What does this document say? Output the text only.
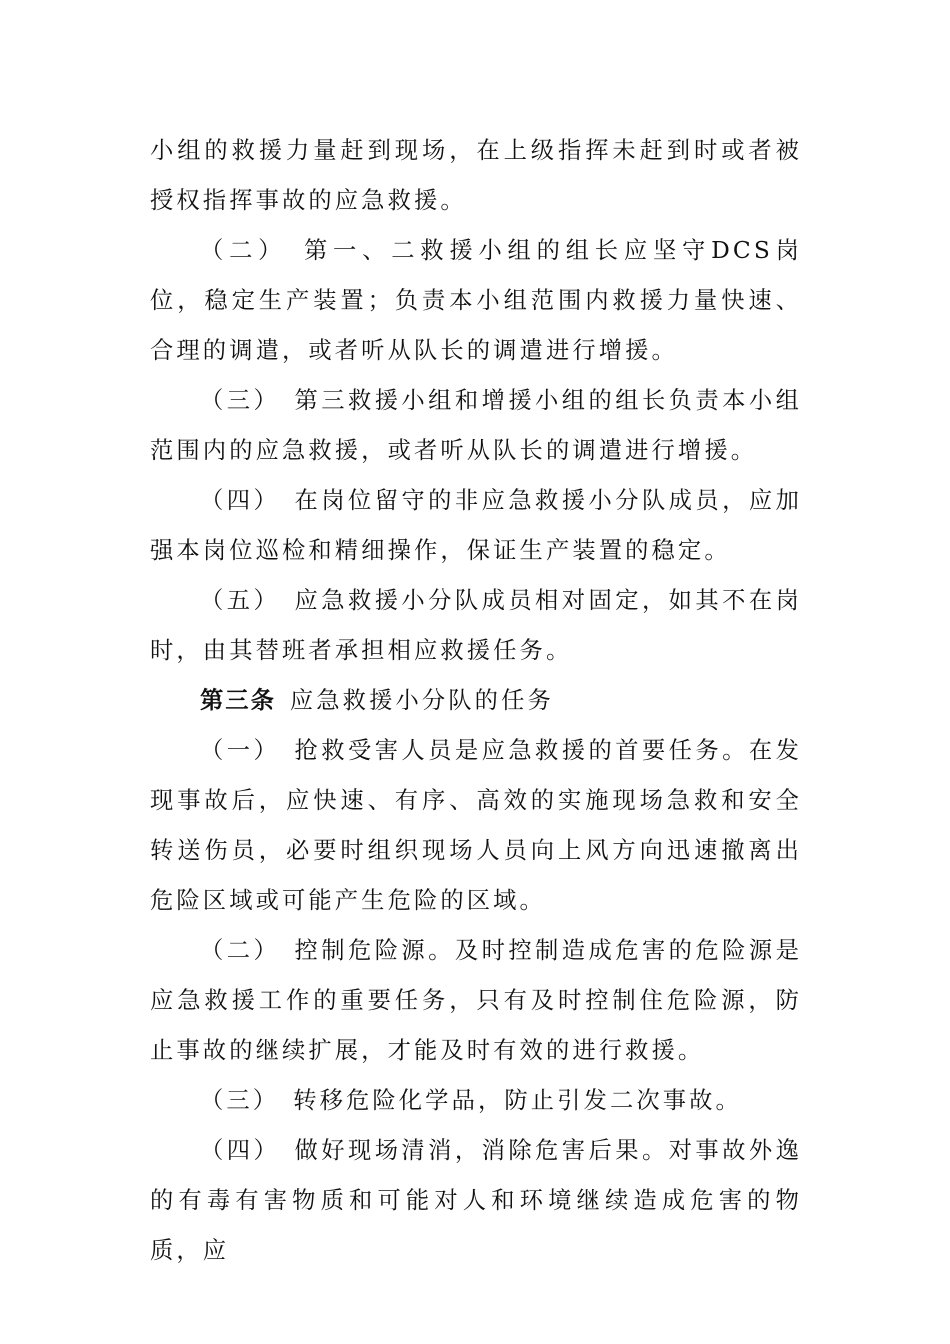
小组的救援力量赶到现场，在上级指挥未赶到时或者被授权指挥事故的应急救援。

（二） 第一、二救援小组的组长应坚守DCS岗位，稳定生产装置；负责本小组范围内救援力量快速、合理的调遣，或者听从队长的调遣进行增援。

（三） 第三救援小组和增援小组的组长负责本小组范围内的应急救援，或者听从队长的调遣进行增援。

（四） 在岗位留守的非应急救援小分队成员，应加强本岗位巡检和精细操作，保证生产装置的稳定。

（五） 应急救援小分队成员相对固定，如其不在岗时，由其替班者承担相应救援任务。

第三条 应急救援小分队的任务

（一） 抢救受害人员是应急救援的首要任务。在发现事故后，应快速、有序、高效的实施现场急救和安全转送伤员，必要时组织现场人员向上风方向迅速撤离出危险区域或可能产生危险的区域。

（二） 控制危险源。及时控制造成危害的危险源是应急救援工作的重要任务，只有及时控制住危险源，防止事故的继续扩展，才能及时有效的进行救援。

（三） 转移危险化学品，防止引发二次事故。

（四） 做好现场清消，消除危害后果。对事故外逸的有毒有害物质和可能对人和环境继续造成危害的物质，应
